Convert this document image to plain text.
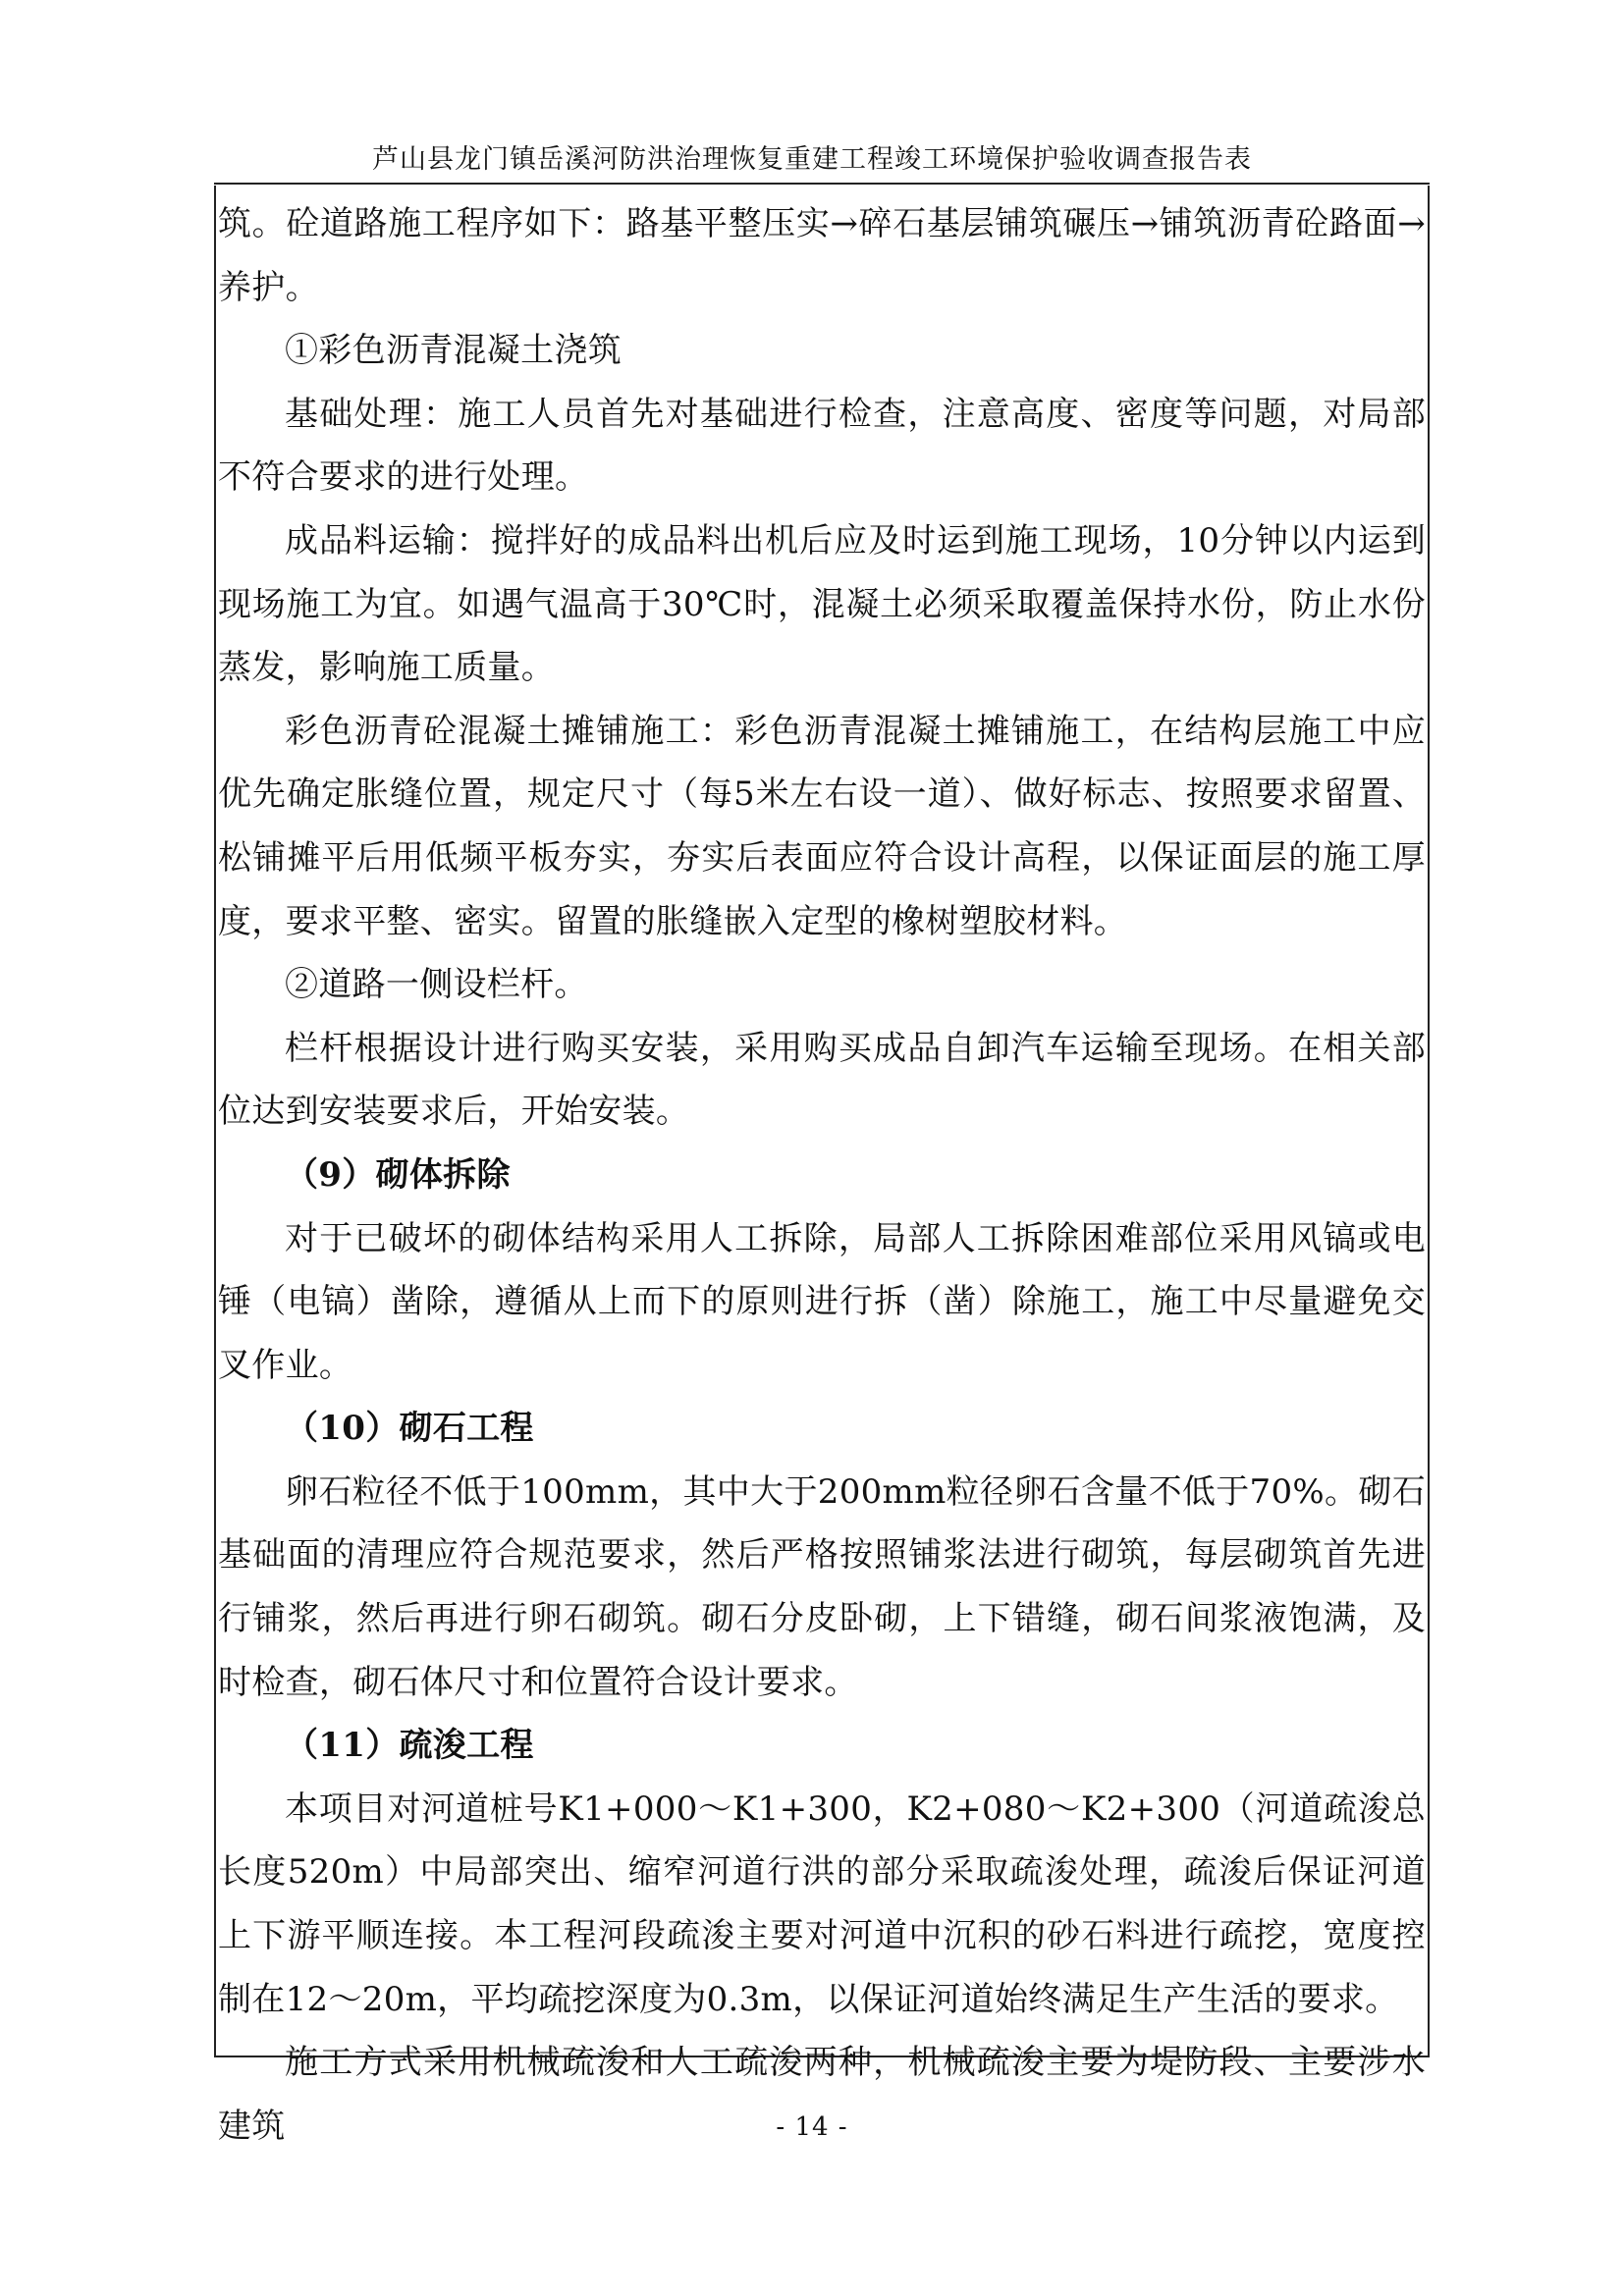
芦山县龙门镇岳溪河防洪治理恢复重建工程竣工环境保护验收调查报告表

筑。砼道路施工程序如下：路基平整压实→碎石基层铺筑碾压→铺筑沥青砼路面→养护。

①彩色沥青混凝土浇筑

基础处理：施工人员首先对基础进行检查，注意高度、密度等问题，对局部不符合要求的进行处理。

成品料运输：搅拌好的成品料出机后应及时运到施工现场，10分钟以内运到现场施工为宜。如遇气温高于30℃时，混凝土必须采取覆盖保持水份，防止水份蒸发，影响施工质量。

彩色沥青砼混凝土摊铺施工：彩色沥青混凝土摊铺施工，在结构层施工中应优先确定胀缝位置，规定尺寸（每5米左右设一道）、做好标志、按照要求留置、松铺摊平后用低频平板夯实，夯实后表面应符合设计高程，以保证面层的施工厚度，要求平整、密实。留置的胀缝嵌入定型的橡树塑胶材料。

②道路一侧设栏杆。

栏杆根据设计进行购买安装，采用购买成品自卸汽车运输至现场。在相关部位达到安装要求后，开始安装。

（9）砌体拆除

对于已破坏的砌体结构采用人工拆除，局部人工拆除困难部位采用风镐或电锤（电镐）凿除，遵循从上而下的原则进行拆（凿）除施工，施工中尽量避免交叉作业。

（10）砌石工程

卵石粒径不低于100mm，其中大于200mm粒径卵石含量不低于70%。砌石基础面的清理应符合规范要求，然后严格按照铺浆法进行砌筑，每层砌筑首先进行铺浆，然后再进行卵石砌筑。砌石分皮卧砌，上下错缝，砌石间浆液饱满，及时检查，砌石体尺寸和位置符合设计要求。

（11）疏浚工程

本项目对河道桩号K1+000～K1+300，K2+080～K2+300（河道疏浚总长度520m）中局部突出、缩窄河道行洪的部分采取疏浚处理，疏浚后保证河道上下游平顺连接。本工程河段疏浚主要对河道中沉积的砂石料进行疏挖，宽度控制在12～20m，平均疏挖深度为0.3m，以保证河道始终满足生产生活的要求。

施工方式采用机械疏浚和人工疏浚两种，机械疏浚主要为堤防段、主要涉水建筑	- 14 -
